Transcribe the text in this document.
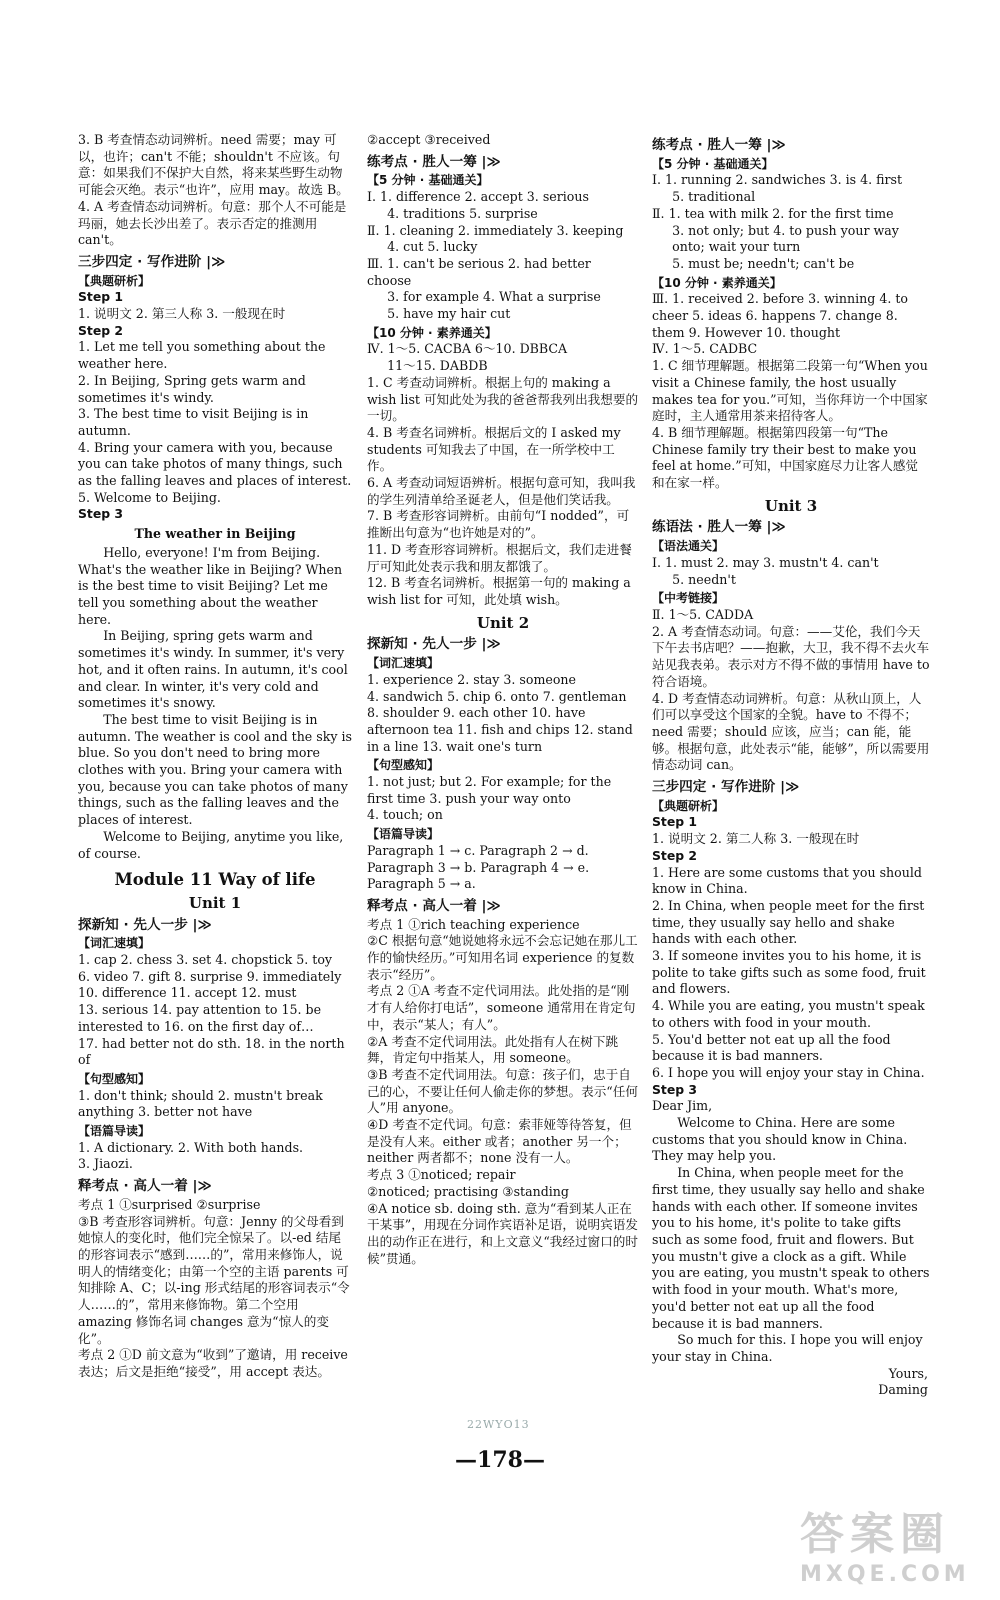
3. B 考查情态动词辨析。need 需要；may 可以，也许；can't 不能；shouldn't 不应该。句意：如果我们不保护大自然，将来某些野生动物可能会灭绝。表示“也许”，应用 may。故选 B。
4. A 考查情态动词辨析。句意：那个人不可能是玛丽，她去长沙出差了。表示否定的推测用 can't。
三步四定 · 写作进阶 |≫
【典题研析】
Step 1
1. 说明文 2. 第三人称 3. 一般现在时
Step 2
1. Let me tell you something about the weather here.
2. In Beijing, Spring gets warm and sometimes it's windy.
3. The best time to visit Beijing is in autumn.
4. Bring your camera with you, because you can take photos of many things, such as the falling leaves and places of interest.
5. Welcome to Beijing.
Step 3
The weather in Beijing
Hello, everyone! I'm from Beijing. What's the weather like in Beijing? When is the best time to visit Beijing? Let me tell you something about the weather here.
In Beijing, spring gets warm and sometimes it's windy. In summer, it's very hot, and it often rains. In autumn, it's cool and clear. In winter, it's very cold and sometimes it's snowy.
The best time to visit Beijing is in autumn. The weather is cool and the sky is blue. So you don't need to bring more clothes with you. Bring your camera with you, because you can take photos of many things, such as the falling leaves and the places of interest.
Welcome to Beijing, anytime you like, of course.
Module 11 Way of life
Unit 1
探新知 · 先人一步 |≫
【词汇速填】
1. cap 2. chess 3. set 4. chopstick 5. toy
6. video 7. gift 8. surprise 9. immediately 10. difference 11. accept 12. must
13. serious 14. pay attention to 15. be interested to 16. on the first day of…
17. had better not do sth. 18. in the north of
【句型感知】
1. don't think; should 2. mustn't break anything 3. better not have
【语篇导读】
1. A dictionary. 2. With both hands.
3. Jiaozi.
释考点 · 高人一着 |≫
考点 1 ①surprised ②surprise
③B 考查形容词辨析。句意：Jenny 的父母看到她惊人的变化时，他们完全惊呆了。以-ed 结尾的形容词表示“感到……的”，常用来修饰人，说明人的情绪变化；由第一个空的主语 parents 可知排除 A、C；以-ing 形式结尾的形容词表示“令人……的”，常用来修饰物。第二个空用 amazing 修饰名词 changes 意为“惊人的变化”。
考点 2 ①D 前文意为“收到”了邀请，用 receive 表达；后文是拒绝“接受”，用 accept 表达。
②accept ③received
练考点 · 胜人一筹 |≫
【5 分钟 · 基础通关】
Ⅰ. 1. difference 2. accept 3. serious
4. traditions 5. surprise
Ⅱ. 1. cleaning 2. immediately 3. keeping
4. cut 5. lucky
Ⅲ. 1. can't be serious 2. had better choose
3. for example 4. What a surprise
5. have my hair cut
【10 分钟 · 素养通关】
Ⅳ. 1～5. CACBA 6～10. DBBCA
11～15. DABDB
1. C 考查动词辨析。根据上句的 making a wish list 可知此处为我的爸爸帮我列出我想要的一切。
4. B 考查名词辨析。根据后文的 I asked my students 可知我去了中国，在一所学校中工作。
6. A 考查动词短语辨析。根据句意可知，我叫我的学生列清单给圣诞老人，但是他们笑话我。
7. B 考查形容词辨析。由前句“I nodded”，可推断出句意为“也许她是对的”。
11. D 考查形容词辨析。根据后文，我们走进餐厅可知此处表示我和朋友都饿了。
12. B 考查名词辨析。根据第一句的 making a wish list for 可知，此处填 wish。
Unit 2
探新知 · 先人一步 |≫
【词汇速填】
1. experience 2. stay 3. someone
4. sandwich 5. chip 6. onto 7. gentleman
8. shoulder 9. each other 10. have afternoon tea 11. fish and chips 12. stand in a line 13. wait one's turn
【句型感知】
1. not just; but 2. For example; for the first time 3. push your way onto
4. touch; on
【语篇导读】
Paragraph 1 → c. Paragraph 2 → d.
Paragraph 3 → b. Paragraph 4 → e.
Paragraph 5 → a.
释考点 · 高人一着 |≫
考点 1 ①rich teaching experience
②C 根据句意“她说她将永远不会忘记她在那儿工作的愉快经历。”可知用名词 experience 的复数表示“经历”。
考点 2 ①A 考查不定代词用法。此处指的是“刚才有人给你打电话”，someone 通常用在肯定句中，表示“某人；有人”。
②A 考查不定代词用法。此处指有人在树下跳舞，肯定句中指某人，用 someone。
③B 考查不定代词用法。句意：孩子们，忠于自己的心，不要让任何人偷走你的梦想。表示“任何人”用 anyone。
④D 考查不定代词。句意：索菲娅等待答复，但是没有人来。either 或者；another 另一个；neither 两者都不；none 没有一人。
考点 3 ①noticed; repair
②noticed; practising ③standing
④A notice sb. doing sth. 意为“看到某人正在干某事”，用现在分词作宾语补足语，说明宾语发出的动作正在进行，和上文意义“我经过窗口的时候”贯通。
练考点 · 胜人一筹 |≫
【5 分钟 · 基础通关】
Ⅰ. 1. running 2. sandwiches 3. is 4. first
5. traditional
Ⅱ. 1. tea with milk 2. for the first time
3. not only; but 4. to push your way onto; wait your turn
5. must be; needn't; can't be
【10 分钟 · 素养通关】
Ⅲ. 1. received 2. before 3. winning 4. to cheer 5. ideas 6. happens 7. change 8. them 9. However 10. thought
Ⅳ. 1～5. CADBC
1. C 细节理解题。根据第二段第一句“When you visit a Chinese family, the host usually makes tea for you.”可知，当你拜访一个中国家庭时，主人通常用茶来招待客人。
4. B 细节理解题。根据第四段第一句“The Chinese family try their best to make you feel at home.”可知，中国家庭尽力让客人感觉和在家一样。
Unit 3
练语法 · 胜人一筹 |≫
【语法通关】
Ⅰ. 1. must 2. may 3. mustn't 4. can't
5. needn't
【中考链接】
Ⅱ. 1～5. CADDA
2. A 考查情态动词。句意：——艾伦，我们今天下午去书店吧？——抱歉，大卫，我不得不去火车站见我表弟。表示对方不得不做的事情用 have to 符合语境。
4. D 考查情态动词辨析。句意：从秋山顶上，人们可以享受这个国家的全貌。have to 不得不；need 需要；should 应该，应当；can 能，能够。根据句意，此处表示“能，能够”，所以需要用情态动词 can。
三步四定 · 写作进阶 |≫
【典题研析】
Step 1
1. 说明文 2. 第二人称 3. 一般现在时
Step 2
1. Here are some customs that you should know in China.
2. In China, when people meet for the first time, they usually say hello and shake hands with each other.
3. If someone invites you to his home, it is polite to take gifts such as some food, fruit and flowers.
4. While you are eating, you mustn't speak to others with food in your mouth.
5. You'd better not eat up all the food because it is bad manners.
6. I hope you will enjoy your stay in China.
Step 3
Dear Jim,
Welcome to China. Here are some customs that you should know in China. They may help you.
In China, when people meet for the first time, they usually say hello and shake hands with each other. If someone invites you to his home, it's polite to take gifts such as some food, fruit and flowers. But you mustn't give a clock as a gift. While you are eating, you mustn't speak to others with food in your mouth. What's more, you'd better not eat up all the food because it is bad manners.
So much for this. I hope you will enjoy your stay in China.
Yours,
Daming
22WYO13
—178—
答案圈
MXQE.COM
